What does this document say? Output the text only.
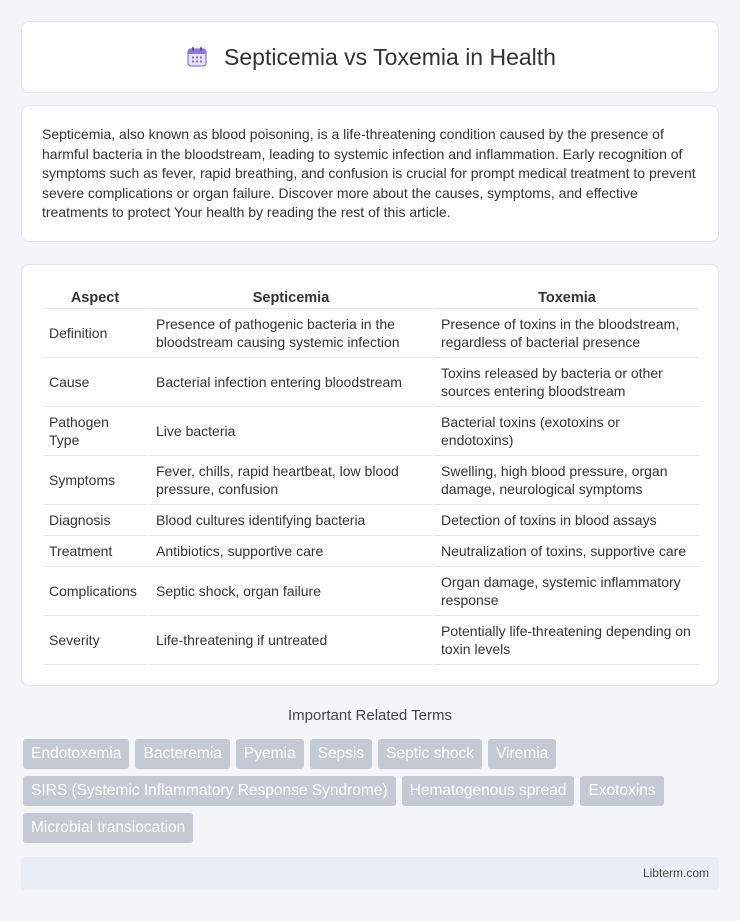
Septicemia vs Toxemia in Health

Septicemia, also known as blood poisoning, is a life-threatening condition caused by the presence of harmful bacteria in the bloodstream, leading to systemic infection and inflammation. Early recognition of symptoms such as fever, rapid breathing, and confusion is crucial for prompt medical treatment to prevent severe complications or organ failure. Discover more about the causes, symptoms, and effective treatments to protect Your health by reading the rest of this article.

Aspect	Septicemia	Toxemia
Definition	Presence of pathogenic bacteria in the bloodstream causing systemic infection	Presence of toxins in the bloodstream, regardless of bacterial presence
Cause	Bacterial infection entering bloodstream	Toxins released by bacteria or other sources entering bloodstream
Pathogen Type	Live bacteria	Bacterial toxins (exotoxins or endotoxins)
Symptoms	Fever, chills, rapid heartbeat, low blood pressure, confusion	Swelling, high blood pressure, organ damage, neurological symptoms
Diagnosis	Blood cultures identifying bacteria	Detection of toxins in blood assays
Treatment	Antibiotics, supportive care	Neutralization of toxins, supportive care
Complications	Septic shock, organ failure	Organ damage, systemic inflammatory response
Severity	Life-threatening if untreated	Potentially life-threatening depending on toxin levels
Important Related Terms
Endotoxemia	Bacteremia	Pyemia	Sepsis	Septic shock	Viremia
SIRS (Systemic Inflammatory Response Syndrome)	Hematogenous spread	Exotoxins
Microbial translocation
Libterm.com
